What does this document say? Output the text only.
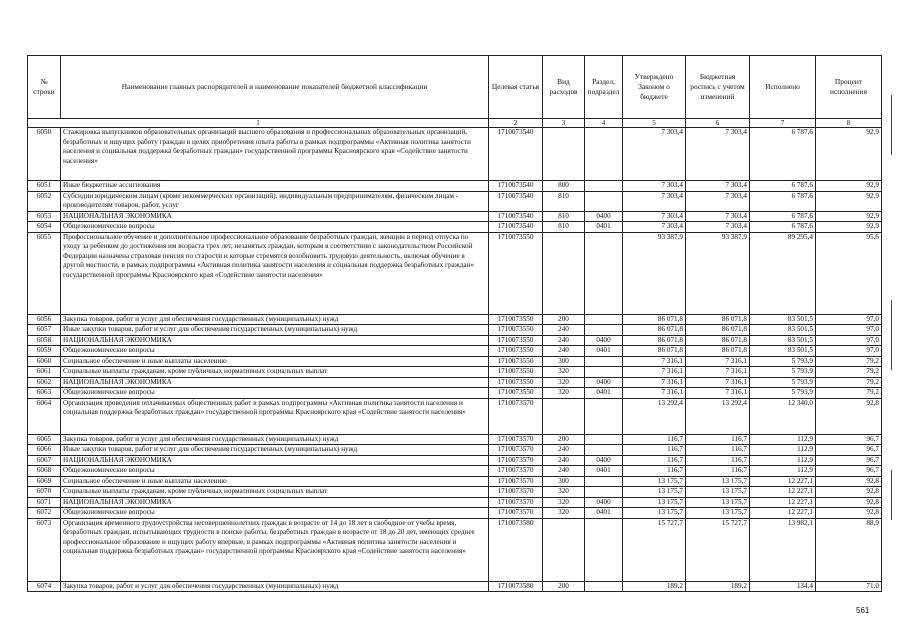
№ строки	Наименование главных распорядителей и наименование показателей бюджетной классификации	Целевая статья	Вид расходов	Раздел, подраздел	Утверждено Законом о бюджете	Бюджетная роспись с учетом изменений	Исполнено	Процент исполнения
1		2	3	4	5	6	7	8
6050	Стажировка выпускников образовательных организаций высшего образования и профессиональных образовательных организаций, безработных и ищущих работу граждан в целях приобретения опыта работы в рамках подпрограммы «Активная политика занятости населения и социальная поддержка безработных граждан» государственной программы Красноярского края «Содействие занятости населения»	1710073540			7 303,4	7 303,4	6 787,6	92,9
6051	Иные бюджетные ассигнования	1710073540	800		7 303,4	7 303,4	6 787,6	92,9
6052	Субсидии юридическим лицам (кроме некоммерческих организаций), индивидуальным предпринимателям, физическим лицам - производителям товаров, работ, услуг	1710073540	810		7 303,4	7 303,4	6 787,6	92,9
6053	НАЦИОНАЛЬНАЯ ЭКОНОМИКА	1710073540	810	0400	7 303,4	7 303,4	6 787,6	92,9
6054	Общеэкономические вопросы	1710073540	810	0401	7 303,4	7 303,4	6 787,6	92,9
6055	Профессиональное обучение и дополнительное профессиональное образование безработных граждан, женщин в период отпуска по уходу за ребенком до достижения им возраста трех лет, незанятых граждан, которым в соответствии с законодательством Российской Федерации назначена страховая пенсия по старости и которые стремятся возобновить трудовую деятельность, включая обучение в другой местности, в рамках подпрограммы «Активная политика занятости населения и социальная поддержка безработных граждан» государственной программы Красноярского края «Содействие занятости населения»	1710073550			93 387,9	93 387,9	89 295,4	95,6
6056	Закупка товаров, работ и услуг для обеспечения государственных (муниципальных) нужд	1710073550	200		86 071,8	86 071,8	83 501,5	97,0
6057	Иные закупки товаров, работ и услуг для обеспечения государственных (муниципальных) нужд	1710073550	240		86 071,8	86 071,8	83 501,5	97,0
6058	НАЦИОНАЛЬНАЯ ЭКОНОМИКА	1710073550	240	0400	86 071,8	86 071,8	83 501,5	97,0
6059	Общеэкономические вопросы	1710073550	240	0401	86 071,8	86 071,8	83 501,5	97,0
6060	Социальное обеспечение и иные выплаты населению	1710073550	300		7 316,1	7 316,1	5 793,9	79,2
6061	Социальные выплаты гражданам, кроме публичных нормативных социальных выплат	1710073550	320		7 316,1	7 316,1	5 793,9	79,2
6062	НАЦИОНАЛЬНАЯ ЭКОНОМИКА	1710073550	320	0400	7 316,1	7 316,1	5 793,9	79,2
6063	Общеэкономические вопросы	1710073550	320	0401	7 316,1	7 316,1	5 793,9	79,2
6064	Организация проведения оплачиваемых общественных работ в рамках подпрограммы «Активная политика занятости населения и социальная поддержка безработных граждан» государственной программы Красноярского края «Содействие занятости населения»	1710073570			13 292,4	13 292,4	12 340,0	92,8
6065	Закупка товаров, работ и услуг для обеспечения государственных (муниципальных) нужд	1710073570	200		116,7	116,7	112,9	96,7
6066	Иные закупки товаров, работ и услуг для обеспечения государственных (муниципальных) нужд	1710073570	240		116,7	116,7	112,9	96,7
6067	НАЦИОНАЛЬНАЯ ЭКОНОМИКА	1710073570	240	0400	116,7	116,7	112,9	96,7
6068	Общеэкономические вопросы	1710073570	240	0401	116,7	116,7	112,9	96,7
6069	Социальное обеспечение и иные выплаты населению	1710073570	300		13 175,7	13 175,7	12 227,1	92,8
6070	Социальные выплаты гражданам, кроме публичных нормативных социальных выплат	1710073570	320		13 175,7	13 175,7	12 227,1	92,8
6071	НАЦИОНАЛЬНАЯ ЭКОНОМИКА	1710073570	320	0400	13 175,7	13 175,7	12 227,1	92,8
6072	Общеэкономические вопросы	1710073570	320	0401	13 175,7	13 175,7	12 227,1	92,8
6073	Организация временного трудоустройства несовершеннолетних граждан в возрасте от 14 до 18 лет в свободное от учебы время, безработных граждан, испытывающих трудности в поиске работы, безработных граждан в возрасте от 18 до 20 лет, имеющих среднее профессиональное образование и ищущих работу впервые, в рамках подпрограммы «Активная политика занятости населения и социальная поддержка безработных граждан» государственной программы Красноярского края «Содействие занятости населения»	1710073580			15 727,7	15 727,7	13 982,1	88,9
6074	Закупка товаров, работ и услуг для обеспечения государственных (муниципальных) нужд	1710073580	200		189,2	189,2	134,4	71,0
561
